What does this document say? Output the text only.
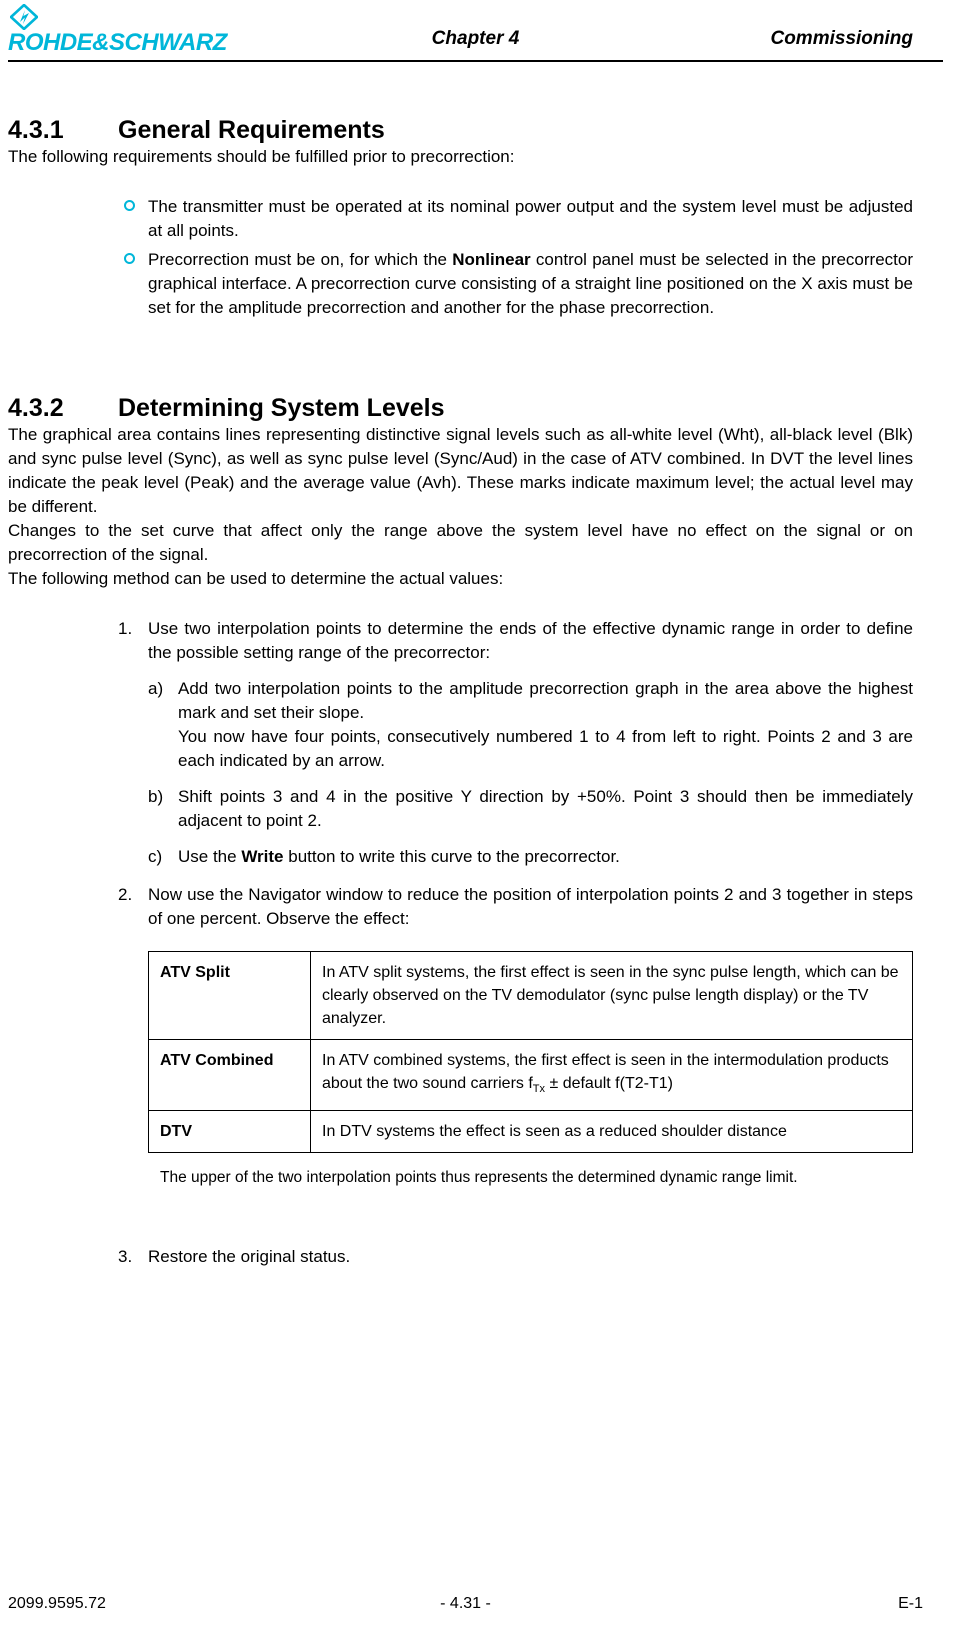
ROHDE&SCHWARZ	Chapter 4	Commissioning
4.3.1	General Requirements

The following requirements should be fulfilled prior to precorrection:

The transmitter must be operated at its nominal power output and the system level must be adjusted at all points.

Precorrection must be on, for which the Nonlinear control panel must be selected in the precorrector graphical interface. A precorrection curve consisting of a straight line positioned on the X axis must be set for the amplitude precorrection and another for the phase precorrection.

4.3.2	Determining System Levels

The graphical area contains lines representing distinctive signal levels such as all-white level (Wht), all-black level (Blk) and sync pulse level (Sync), as well as sync pulse level (Sync/Aud) in the case of ATV combined. In DVT the level lines indicate the peak level (Peak) and the average value (Avh). These marks indicate maximum level; the actual level may be different.

Changes to the set curve that affect only the range above the system level have no effect on the signal or on precorrection of the signal.

The following method can be used to determine the actual values:

1. Use two interpolation points to determine the ends of the effective dynamic range in order to define the possible setting range of the precorrector:

a) Add two interpolation points to the amplitude precorrection graph in the area above the highest mark and set their slope.

You now have four points, consecutively numbered 1 to 4 from left to right. Points 2 and 3 are each indicated by an arrow.

b) Shift points 3 and 4 in the positive Y direction by +50%. Point 3 should then be immediately adjacent to point 2.

c) Use the Write button to write this curve to the precorrector.

2. Now use the Navigator window to reduce the position of interpolation points 2 and 3 together in steps of one percent. Observe the effect:

ATV Split	In ATV split systems, the first effect is seen in the sync pulse length, which can be clearly observed on the TV demodulator (sync pulse length display) or the TV analyzer.
ATV Combined	In ATV combined systems, the first effect is seen in the intermodulation products about the two sound carriers $f_{Tx}$ ± default f(T2-T1)
DTV	In DTV systems the effect is seen as a reduced shoulder distance

The upper of the two interpolation points thus represents the determined dynamic range limit.

3. Restore the original status.

2099.9595.72	- 4.31 -	E-1
